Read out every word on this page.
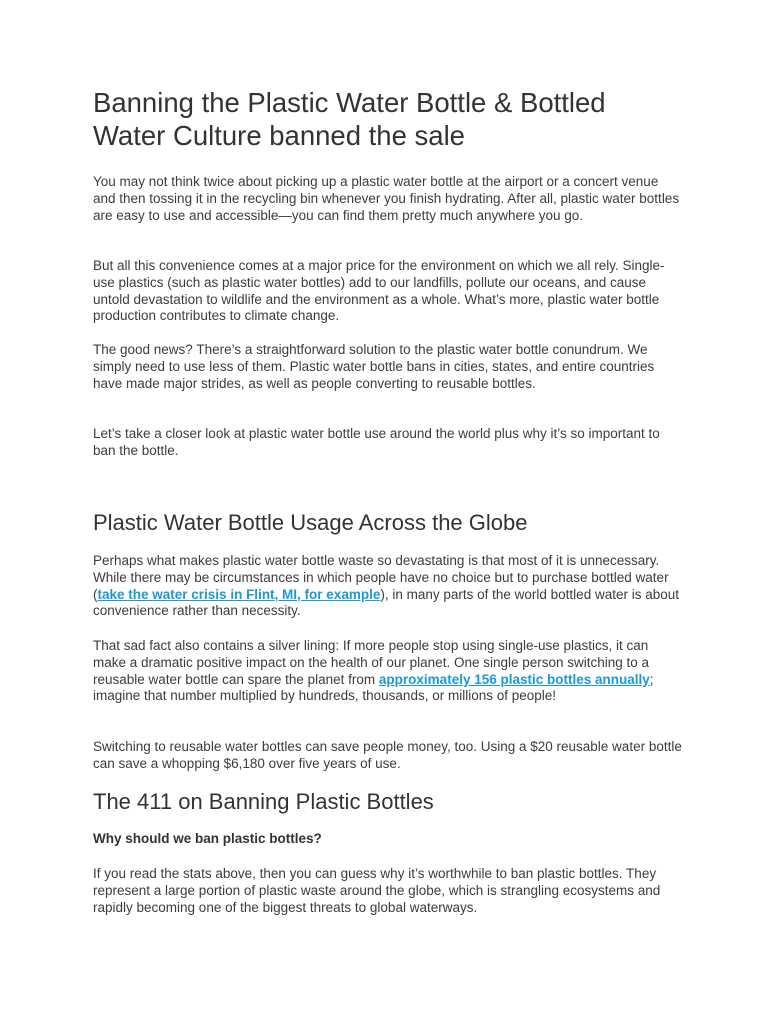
Banning the Plastic Water Bottle & Bottled Water Culture banned the sale

You may not think twice about picking up a plastic water bottle at the airport or a concert venue and then tossing it in the recycling bin whenever you finish hydrating. After all, plastic water bottles are easy to use and accessible—you can find them pretty much anywhere you go.

But all this convenience comes at a major price for the environment on which we all rely. Single-use plastics (such as plastic water bottles) add to our landfills, pollute our oceans, and cause untold devastation to wildlife and the environment as a whole. What’s more, plastic water bottle production contributes to climate change.

The good news? There’s a straightforward solution to the plastic water bottle conundrum. We simply need to use less of them. Plastic water bottle bans in cities, states, and entire countries have made major strides, as well as people converting to reusable bottles.

Let’s take a closer look at plastic water bottle use around the world plus why it’s so important to ban the bottle.

Plastic Water Bottle Usage Across the Globe

Perhaps what makes plastic water bottle waste so devastating is that most of it is unnecessary. While there may be circumstances in which people have no choice but to purchase bottled water (take the water crisis in Flint, MI, for example), in many parts of the world bottled water is about convenience rather than necessity.

That sad fact also contains a silver lining: If more people stop using single-use plastics, it can make a dramatic positive impact on the health of our planet. One single person switching to a reusable water bottle can spare the planet from approximately 156 plastic bottles annually; imagine that number multiplied by hundreds, thousands, or millions of people!

Switching to reusable water bottles can save people money, too. Using a $20 reusable water bottle can save a whopping $6,180 over five years of use.

The 411 on Banning Plastic Bottles

Why should we ban plastic bottles?

If you read the stats above, then you can guess why it’s worthwhile to ban plastic bottles. They represent a large portion of plastic waste around the globe, which is strangling ecosystems and rapidly becoming one of the biggest threats to global waterways.
